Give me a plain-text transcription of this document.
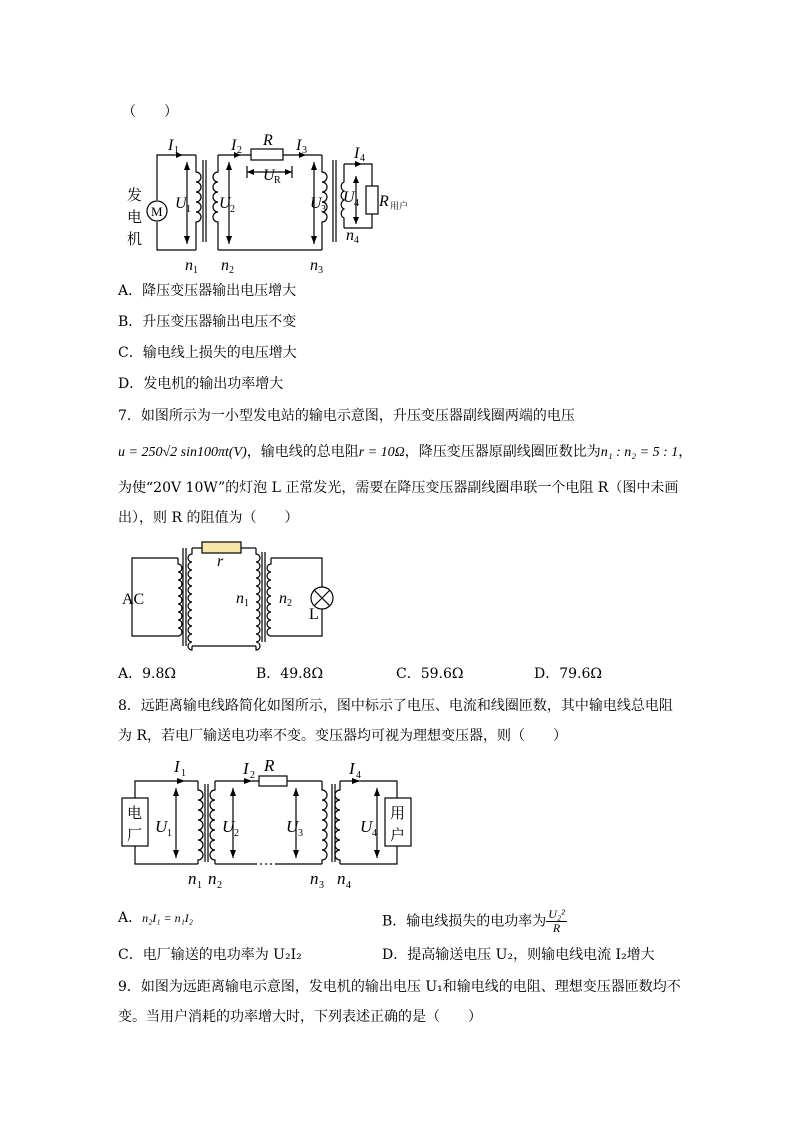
（　　）
发
电
机
M
I 1	I 2
R I 3	I 4
U R
U 1 U 2	U 3
U 4 R 用户
n 1 n 2	n 3
n 4
A．降压变压器输出电压增大
B．升压变压器输出电压不变
C．输电线上损失的电压增大
D．发电机的输出功率增大
7．如图所示为一小型发电站的输电示意图，升压变压器副线圈两端的电压
u = 250√2 sin100πt(V)，输电线的总电阻r = 10Ω，降压变压器原副线圈匝数比为n₁ : n₂ = 5 : 1，
为使“20V 10W”的灯泡 L 正常发光，需要在降压变压器副线圈串联一个电阻 R（图中未画
出），则 R 的阻值为（　　）
AC
r
n 1 n 2
L
A．9.8Ω	B．49.8Ω	C．59.6Ω	D．79.6Ω
8．远距离输电线路简化如图所示，图中标示了电压、电流和线圈匝数，其中输电线总电阻
为 R，若电厂输送电功率不变。变压器均可视为理想变压器，则（　　）
电
厂
用
户
I 1	I 2
R	I 4
U 1	U 2	U 3	U 4
n 1 n 2	n 3 n 4
A．n₂I₁ = n₁I₂	B．输电线损失的电功率为 $\frac{\text{U₂²}}{R}$
C．电厂输送的电功率为 U₂I₂	D．提高输送电压 U₂，则输电线电流 I₂增大
9．如图为远距离输电示意图，发电机的输出电压 U₁和输电线的电阻、理想变压器匝数均不
变。当用户消耗的功率增大时，下列表述正确的是（　　）
